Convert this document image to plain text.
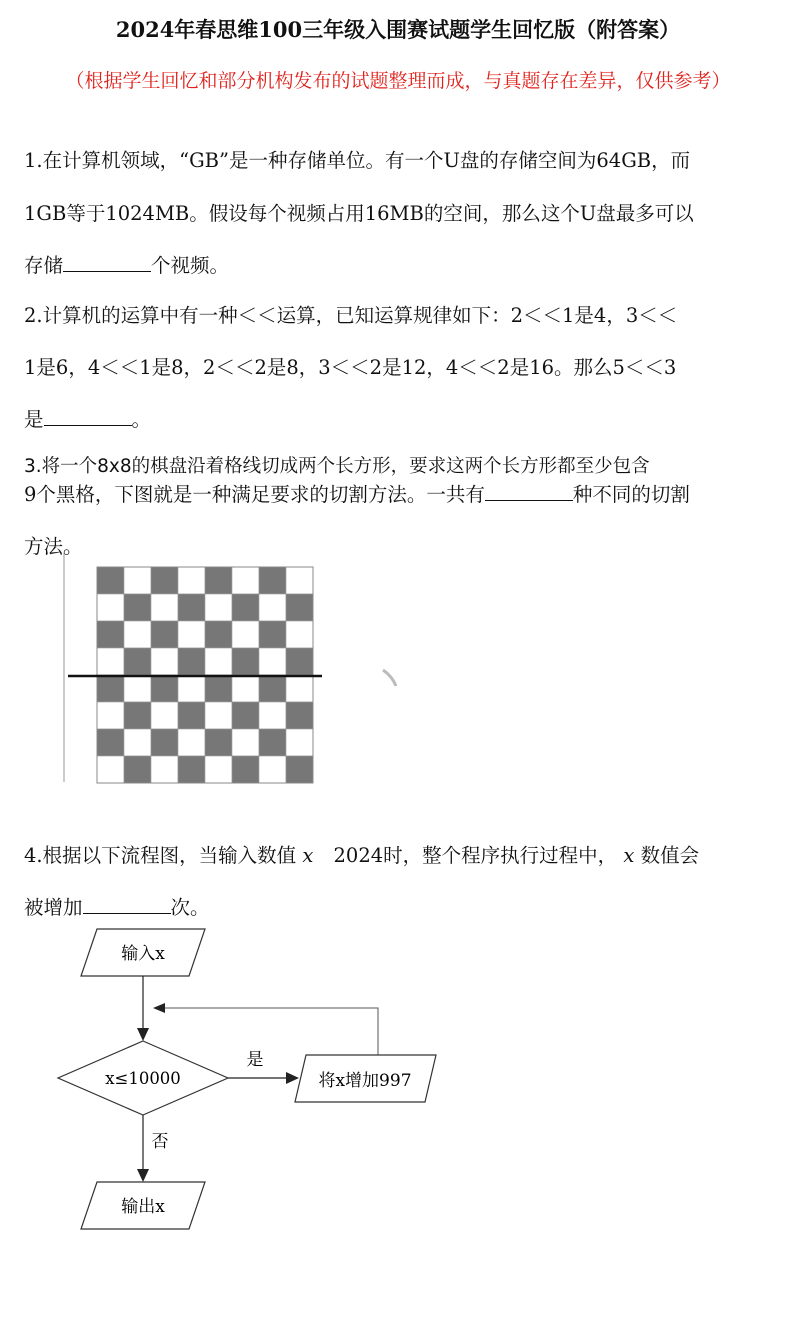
2024年春思维100三年级入围赛试题学生回忆版（附答案）
（根据学生回忆和部分机构发布的试题整理而成，与真题存在差异，仅供参考）
1.在计算机领域，“GB”是一种存储单位。有一个U盘的存储空间为64GB，而
1GB等于1024MB。假设每个视频占用16MB的空间，那么这个U盘最多可以
存储	个视频。
2.计算机的运算中有一种＜＜运算，已知运算规律如下：2＜＜1是4，3＜＜
1是6，4＜＜1是8，2＜＜2是8，3＜＜2是12，4＜＜2是16。那么5＜＜3
是	。
3.将一个8x8的棋盘沿着格线切成两个长方形，要求这两个长方形都至少包含
9个黑格，下图就是一种满足要求的切割方法。一共有	种不同的切割
方法。
输入x
x≤10000
是
将x增加997
否
输出x
4.根据以下流程图，当输入数值 x 2024时，整个程序执行过程中， x 数值会
被增加	次。
